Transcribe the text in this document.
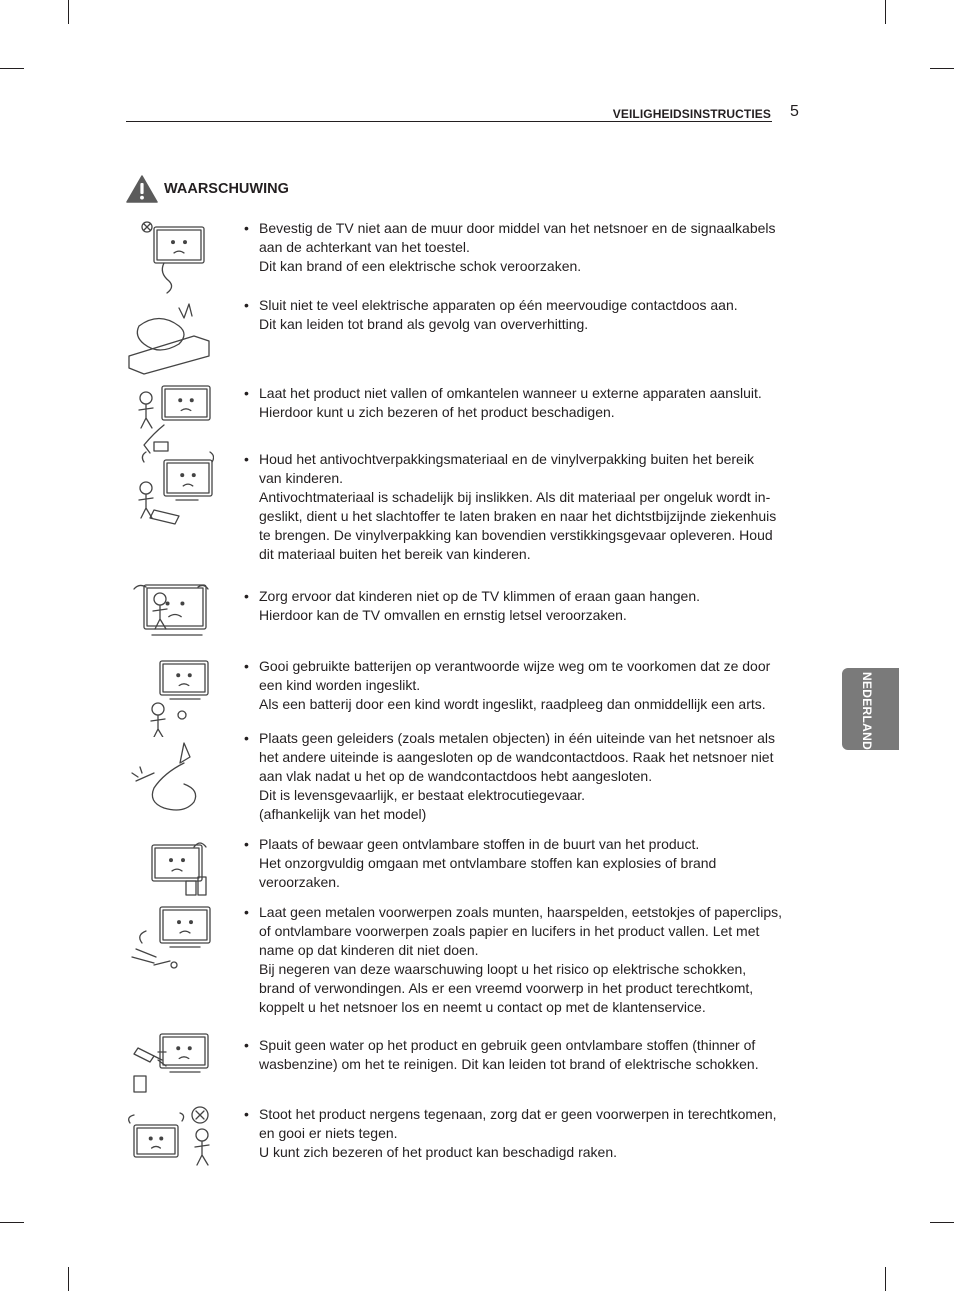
VEILIGHEIDSINSTRUCTIES 5
NEDERLANDS
WAARSCHUWING
• Bevestig de TV niet aan de muur door middel van het netsnoer en de signaalkabels
aan de achterkant van het toestel.
Dit kan brand of een elektrische schok veroorzaken.
• Sluit niet te veel elektrische apparaten op één meervoudige contactdoos aan.
Dit kan leiden tot brand als gevolg van oververhitting.
• Laat het product niet vallen of omkantelen wanneer u externe apparaten aansluit.
Hierdoor kunt u zich bezeren of het product beschadigen.
• Houd het antivochtverpakkingsmateriaal en de vinylverpakking buiten het bereik
van kinderen.
Antivochtmateriaal is schadelijk bij inslikken. Als dit materiaal per ongeluk wordt in-
geslikt, dient u het slachtoffer te laten braken en naar het dichtstbijzijnde ziekenhuis
te brengen. De vinylverpakking kan bovendien verstikkingsgevaar opleveren. Houd
dit materiaal buiten het bereik van kinderen.
• Zorg ervoor dat kinderen niet op de TV klimmen of eraan gaan hangen.
Hierdoor kan de TV omvallen en ernstig letsel veroorzaken.
• Gooi gebruikte batterijen op verantwoorde wijze weg om te voorkomen dat ze door
een kind worden ingeslikt.
Als een batterij door een kind wordt ingeslikt, raadpleeg dan onmiddellijk een arts.
• Plaats geen geleiders (zoals metalen objecten) in één uiteinde van het netsnoer als
het andere uiteinde is aangesloten op de wandcontactdoos. Raak het netsnoer niet
aan vlak nadat u het op de wandcontactdoos hebt aangesloten.
Dit is levensgevaarlijk, er bestaat elektrocutiegevaar.
(afhankelijk van het model)
• Plaats of bewaar geen ontvlambare stoffen in de buurt van het product.
Het onzorgvuldig omgaan met ontvlambare stoffen kan explosies of brand
veroorzaken.
• Laat geen metalen voorwerpen zoals munten, haarspelden, eetstokjes of paperclips,
of ontvlambare voorwerpen zoals papier en lucifers in het product vallen. Let met
name op dat kinderen dit niet doen.
Bij negeren van deze waarschuwing loopt u het risico op elektrische schokken,
brand of verwondingen. Als er een vreemd voorwerp in het product terechtkomt,
koppelt u het netsnoer los en neemt u contact op met de klantenservice.
• Spuit geen water op het product en gebruik geen ontvlambare stoffen (thinner of
wasbenzine) om het te reinigen. Dit kan leiden tot brand of elektrische schokken.
• Stoot het product nergens tegenaan, zorg dat er geen voorwerpen in terechtkomen,
en gooi er niets tegen.
U kunt zich bezeren of het product kan beschadigd raken.
